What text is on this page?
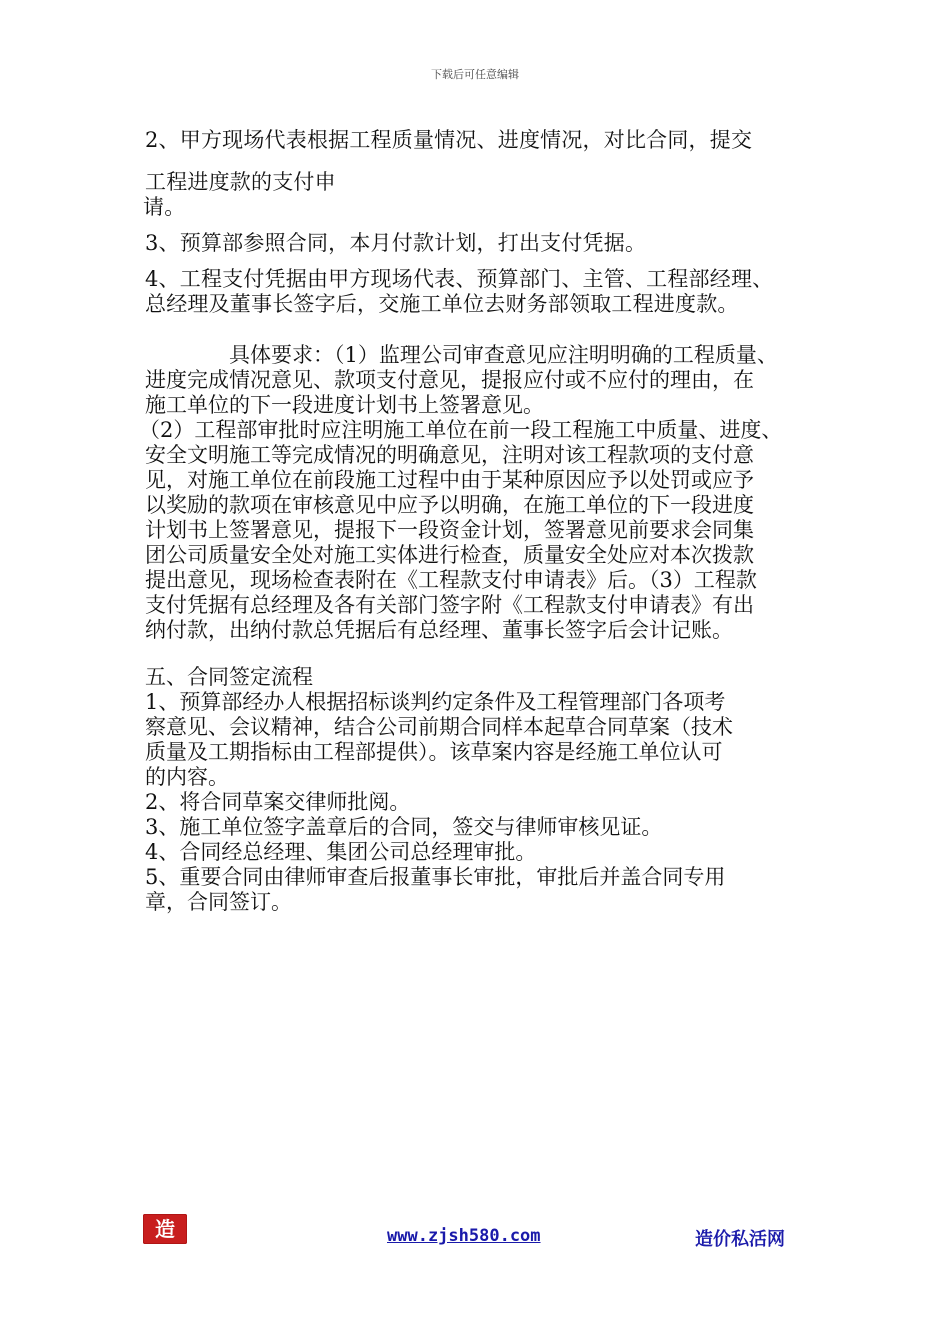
下载后可任意编辑

2、甲方现场代表根据工程质量情况、进度情况，对比合同，提交

工程进度款的支付申

请。

3、预算部参照合同，本月付款计划，打出支付凭据。

4、工程支付凭据由甲方现场代表、预算部门、主管、工程部经理、

总经理及董事长签字后，交施工单位去财务部领取工程进度款。

　　　　具体要求：（1）监理公司审查意见应注明明确的工程质量、
进度完成情况意见、款项支付意见，提报应付或不应付的理由，在
施工单位的下一段进度计划书上签署意见。
（2）工程部审批时应注明施工单位在前一段工程施工中质量、进度、
安全文明施工等完成情况的明确意见，注明对该工程款项的支付意
见，对施工单位在前段施工过程中由于某种原因应予以处罚或应予
以奖励的款项在审核意见中应予以明确，在施工单位的下一段进度
计划书上签署意见，提报下一段资金计划，签署意见前要求会同集
团公司质量安全处对施工实体进行检查，质量安全处应对本次拨款
提出意见，现场检查表附在《工程款支付申请表》后。（3）工程款
支付凭据有总经理及各有关部门签字附《工程款支付申请表》有出
纳付款，出纳付款总凭据后有总经理、董事长签字后会计记账。
五、合同签定流程
1、预算部经办人根据招标谈判约定条件及工程管理部门各项考
察意见、会议精神，结合公司前期合同样本起草合同草案（技术
质量及工期指标由工程部提供）。该草案内容是经施工单位认可
的内容。
2、将合同草案交律师批阅。
3、施工单位签字盖章后的合同，签交与律师审核见证。
4、合同经总经理、集团公司总经理审批。
5、重要合同由律师审查后报董事长审批，审批后并盖合同专用
章，合同签订。
造	www.zjsh580.com	造价私活网
